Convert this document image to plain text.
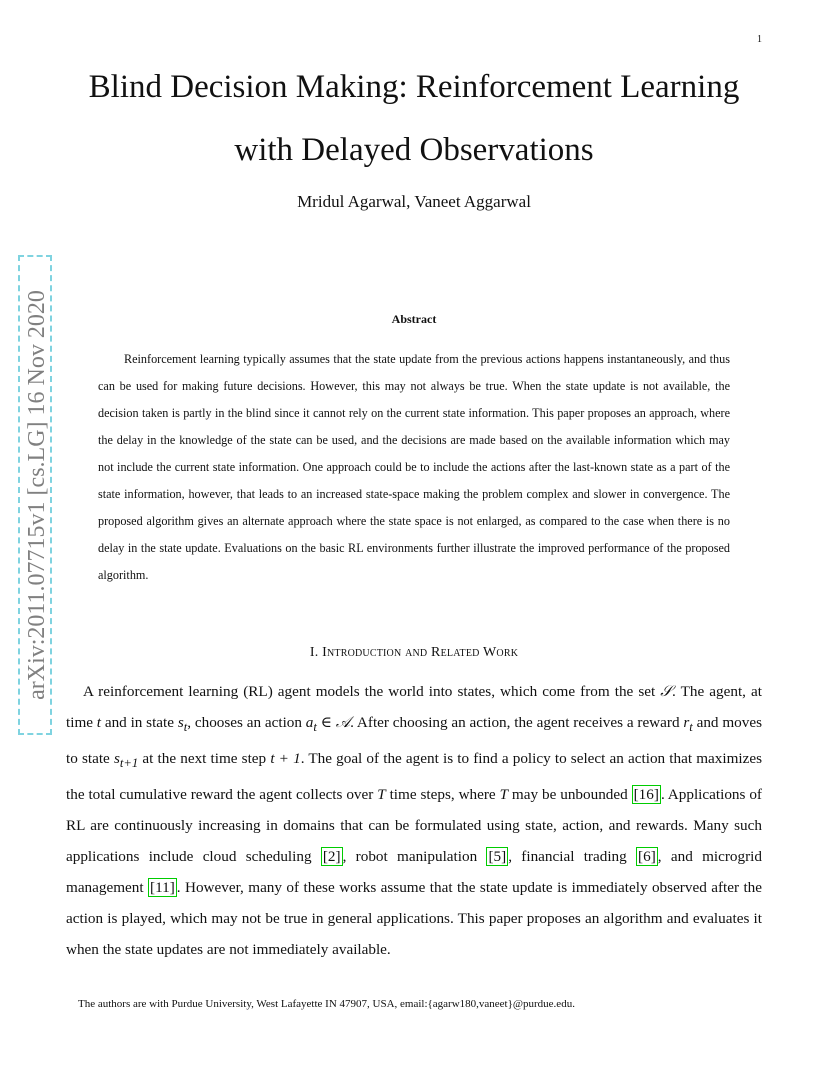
1
Blind Decision Making: Reinforcement Learning
with Delayed Observations
Mridul Agarwal, Vaneet Aggarwal
arXiv:2011.07715v1 [cs.LG] 16 Nov 2020	Abstract

Reinforcement learning typically assumes that the state update from the previous actions happens instantaneously, and thus can be used for making future decisions. However, this may not always be true. When the state update is not available, the decision taken is partly in the blind since it cannot rely on the current state information. This paper proposes an approach, where the delay in the knowledge of the state can be used, and the decisions are made based on the available information which may not include the current state information. One approach could be to include the actions after the last-known state as a part of the state information, however, that leads to an increased state-space making the problem complex and slower in convergence. The proposed algorithm gives an alternate approach where the state space is not enlarged, as compared to the case when there is no delay in the state update. Evaluations on the basic RL environments further illustrate the improved performance of the proposed algorithm.

I. Introduction and Related Work

A reinforcement learning (RL) agent models the world into states, which come from the set 𝒮. The agent, at time t and in state $s_t$, chooses an action $a_t$ ∈ 𝒜. After choosing an action, the agent receives a reward $r_t$ and moves to state $s_{t+1}$ at the next time step t + 1. The goal of the agent is to find a policy to select an action that maximizes the total cumulative reward the agent collects over T time steps, where T may be unbounded [16] . Applications of RL are continuously increasing in domains that can be formulated using state, action, and rewards. Many such applications include cloud scheduling [2] , robot manipulation [5] , financial trading [6] , and microgrid management [11] . However, many of these works assume that the state update is immediately observed after the action is played, which may not be true in general applications. This paper proposes an algorithm and evaluates it when the state updates are not immediately available.

The authors are with Purdue University, West Lafayette IN 47907, USA, email:{agarw180,vaneet}@purdue.edu.
